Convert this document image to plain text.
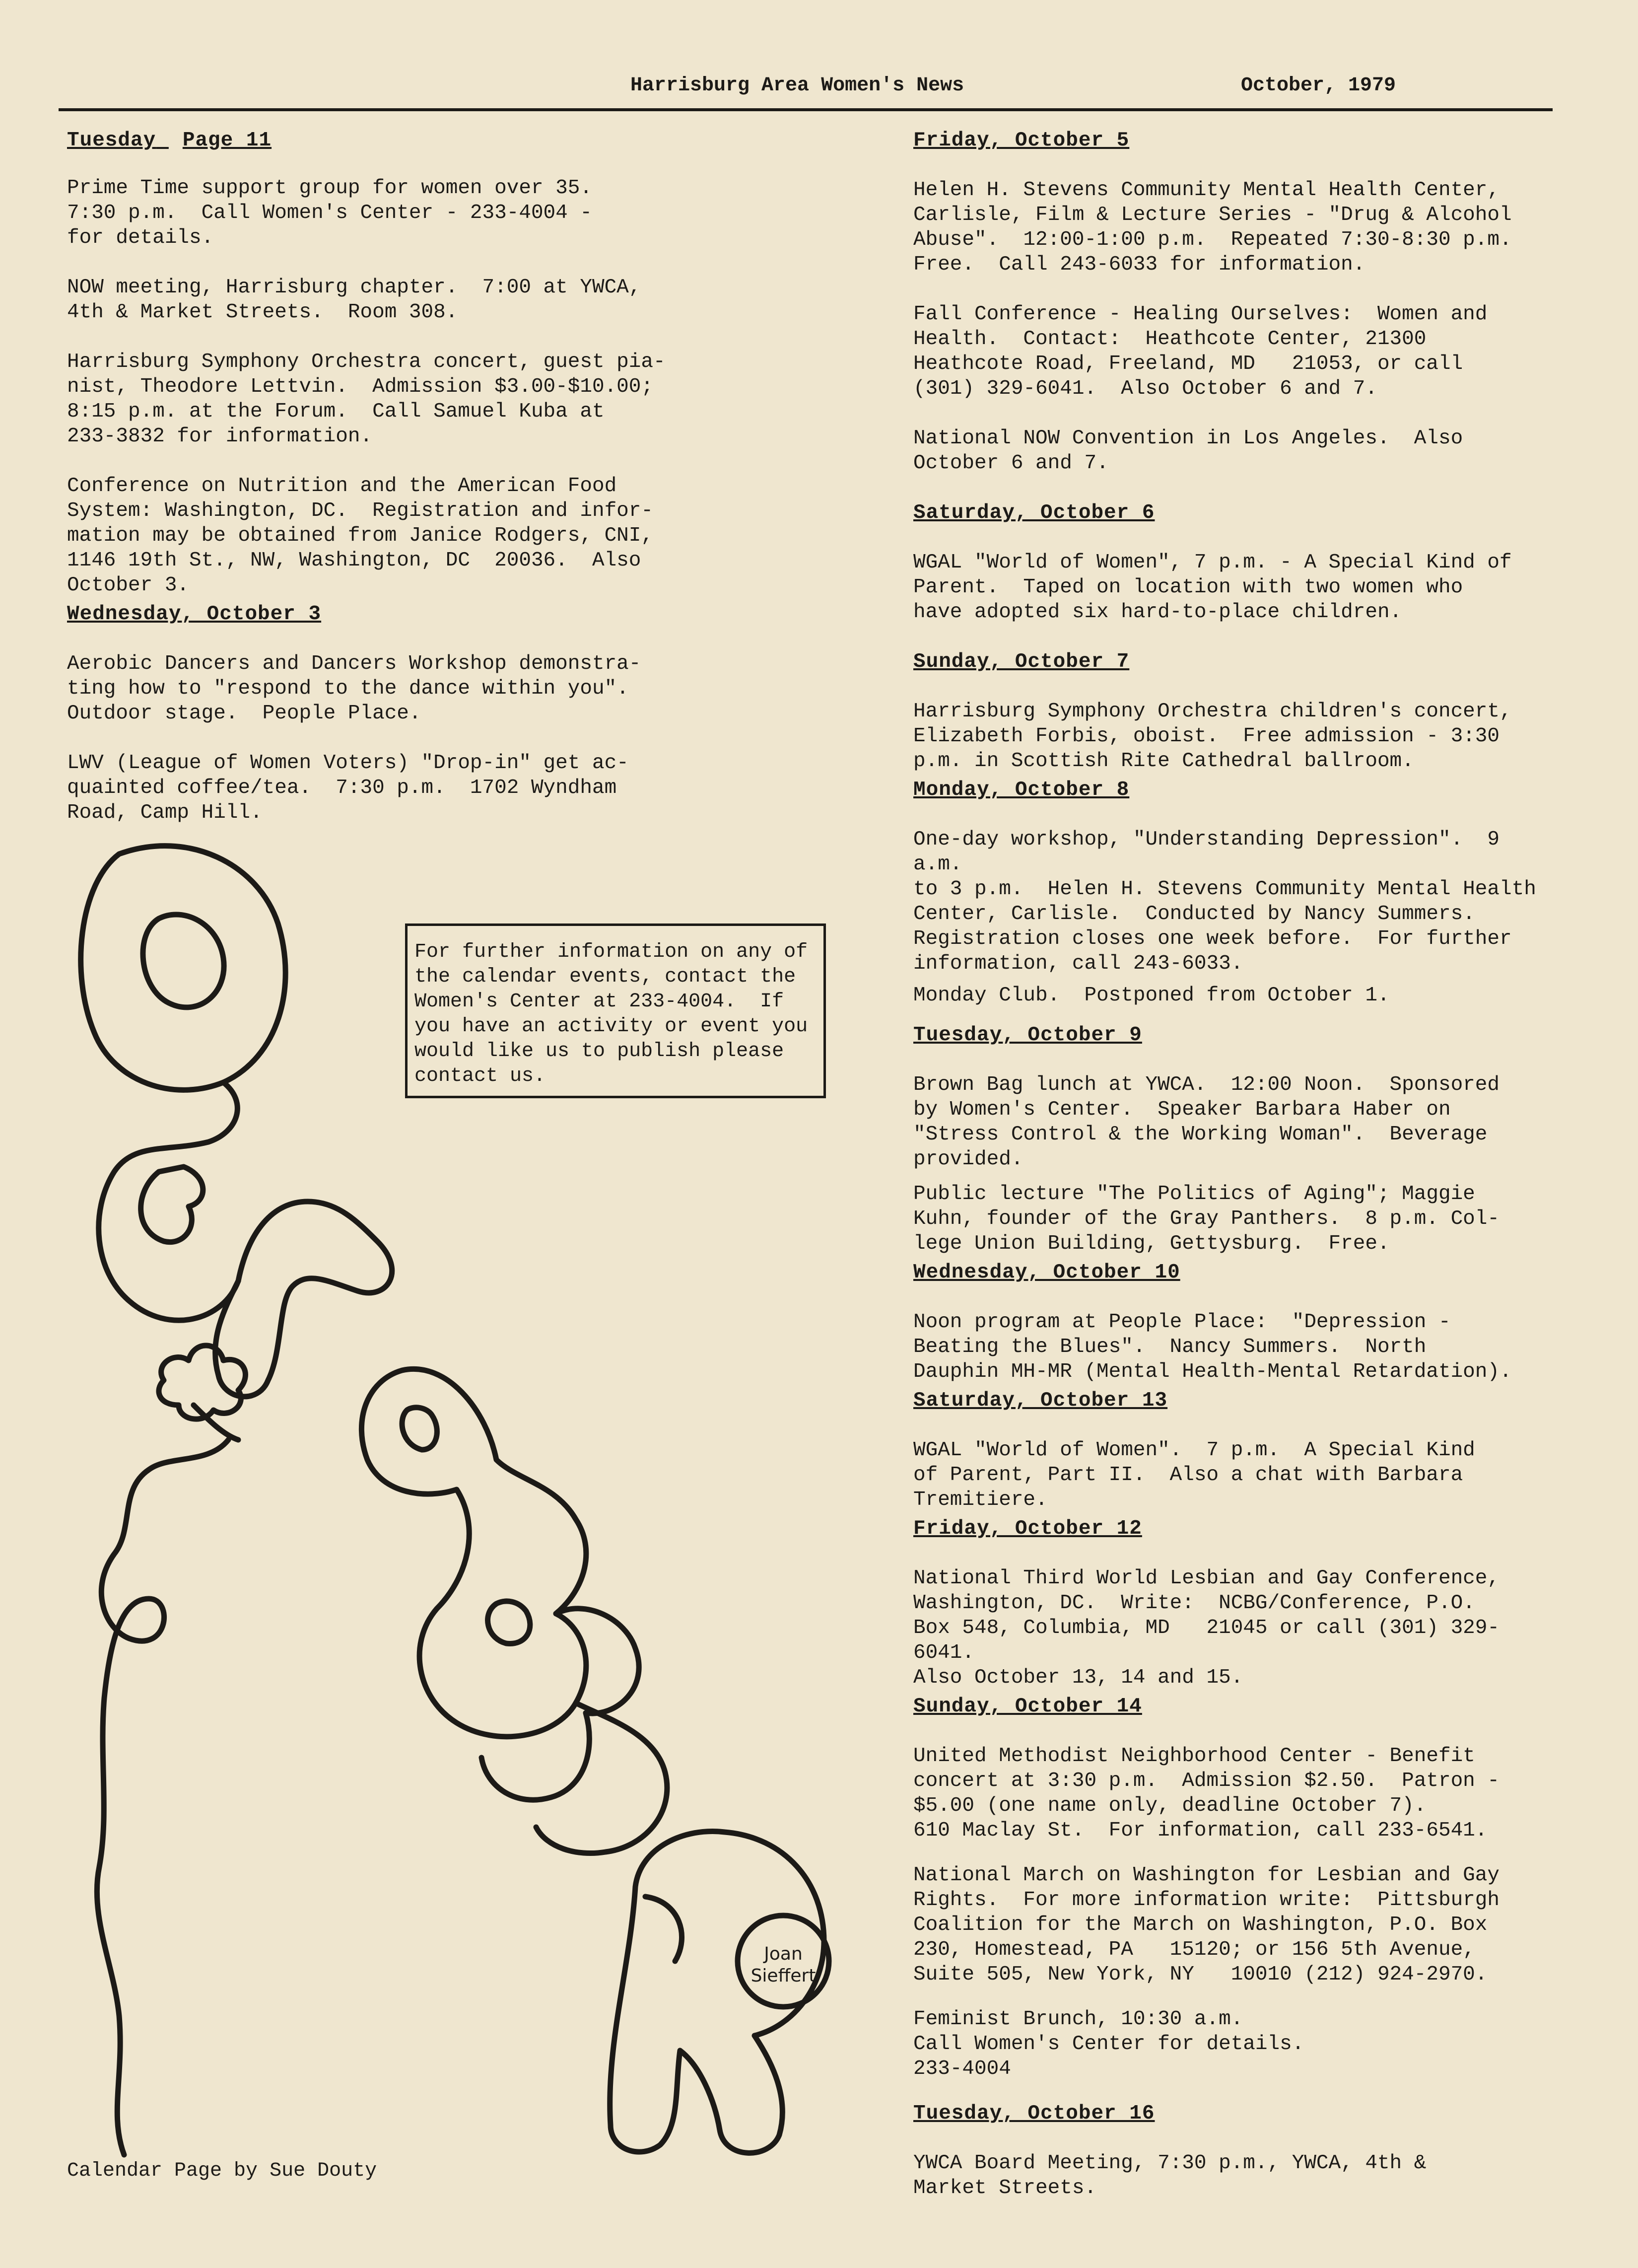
Harrisburg Area Women's News	October, 1979
Tuesday Page 11
Prime Time support group for women over 35.
7:30 p.m.  Call Women's Center - 233-4004 -
for details.
NOW meeting, Harrisburg chapter.  7:00 at YWCA,
4th & Market Streets.  Room 308.
Harrisburg Symphony Orchestra concert, guest pia-
nist, Theodore Lettvin.  Admission $3.00-$10.00;
8:15 p.m. at the Forum.  Call Samuel Kuba at
233-3832 for information.
Conference on Nutrition and the American Food
System: Washington, DC.  Registration and infor-
mation may be obtained from Janice Rodgers, CNI,
1146 19th St., NW, Washington, DC  20036.  Also
October 3.
Wednesday, October 3
Aerobic Dancers and Dancers Workshop demonstra-
ting how to "respond to the dance within you".
Outdoor stage.  People Place.
LWV (League of Women Voters) "Drop-in" get ac-
quainted coffee/tea.  7:30 p.m.  1702 Wyndham
Road, Camp Hill.
Joan
Sieffert
For further information on any of
the calendar events, contact the
Women's Center at 233-4004.  If
you have an activity or event you
would like us to publish please
contact us.
Calendar Page by Sue Douty
Friday, October 5
Helen H. Stevens Community Mental Health Center,
Carlisle, Film & Lecture Series - "Drug & Alcohol
Abuse".  12:00-1:00 p.m.  Repeated 7:30-8:30 p.m.
Free.  Call 243-6033 for information.
Fall Conference - Healing Ourselves:  Women and
Health.  Contact:  Heathcote Center, 21300
Heathcote Road, Freeland, MD   21053, or call
(301) 329-6041.  Also October 6 and 7.
National NOW Convention in Los Angeles.  Also
October 6 and 7.
Saturday, October 6
WGAL "World of Women", 7 p.m. - A Special Kind of
Parent.  Taped on location with two women who
have adopted six hard-to-place children.
Sunday, October 7
Harrisburg Symphony Orchestra children's concert,
Elizabeth Forbis, oboist.  Free admission - 3:30
p.m. in Scottish Rite Cathedral ballroom.
Monday, October 8
One-day workshop, "Understanding Depression".  9 a.m.
to 3 p.m.  Helen H. Stevens Community Mental Health
Center, Carlisle.  Conducted by Nancy Summers.
Registration closes one week before.  For further
information, call 243-6033.
Monday Club.  Postponed from October 1.
Tuesday, October 9
Brown Bag lunch at YWCA.  12:00 Noon.  Sponsored
by Women's Center.  Speaker Barbara Haber on
"Stress Control & the Working Woman".  Beverage
provided.
Public lecture "The Politics of Aging"; Maggie
Kuhn, founder of the Gray Panthers.  8 p.m. Col-
lege Union Building, Gettysburg.  Free.
Wednesday, October 10
Noon program at People Place:  "Depression -
Beating the Blues".  Nancy Summers.  North
Dauphin MH-MR (Mental Health-Mental Retardation).
Saturday, October 13
WGAL "World of Women".  7 p.m.  A Special Kind
of Parent, Part II.  Also a chat with Barbara
Tremitiere.
Friday, October 12
National Third World Lesbian and Gay Conference,
Washington, DC.  Write:  NCBG/Conference, P.O.
Box 548, Columbia, MD   21045 or call (301) 329-6041.
Also October 13, 14 and 15.
Sunday, October 14
United Methodist Neighborhood Center - Benefit
concert at 3:30 p.m.  Admission $2.50.  Patron -
$5.00 (one name only, deadline October 7).
610 Maclay St.  For information, call 233-6541.
National March on Washington for Lesbian and Gay
Rights.  For more information write:  Pittsburgh
Coalition for the March on Washington, P.O. Box
230, Homestead, PA   15120; or 156 5th Avenue,
Suite 505, New York, NY   10010 (212) 924-2970.
Feminist Brunch, 10:30 a.m.
Call Women's Center for details.
233-4004
Tuesday, October 16
YWCA Board Meeting, 7:30 p.m., YWCA, 4th &
Market Streets.
